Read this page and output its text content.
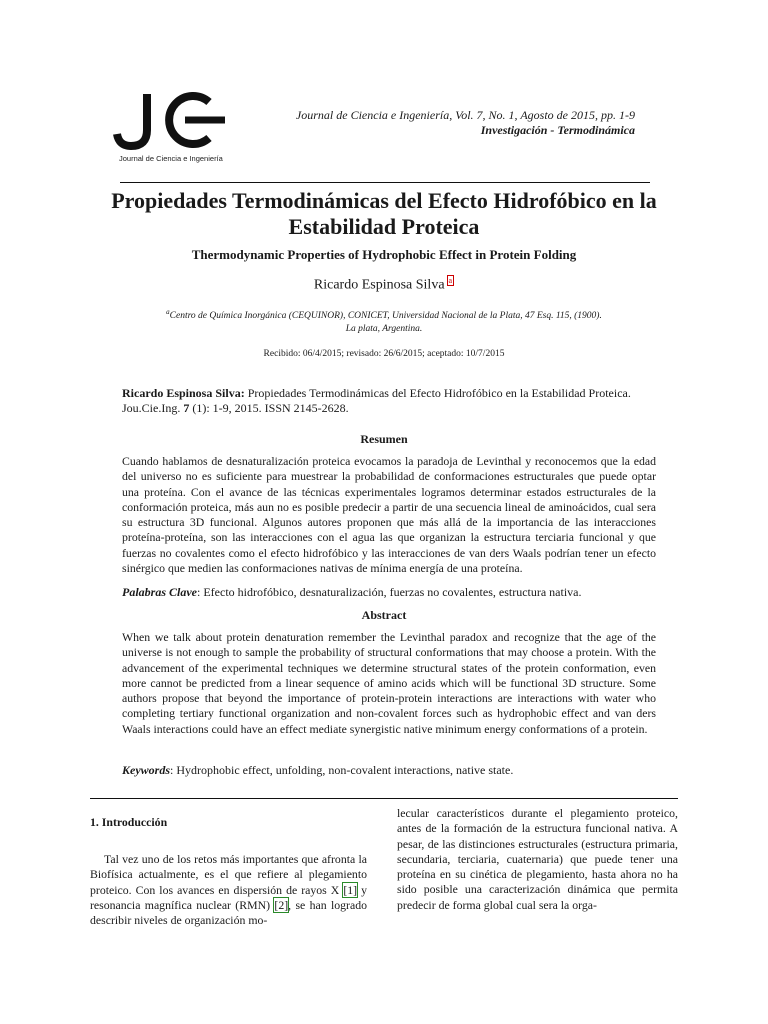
Journal de Ciencia e Ingeniería
Journal de Ciencia e Ingeniería, Vol. 7, No. 1, Agosto de 2015, pp. 1-9
Investigación - Termodinámica
Propiedades Termodinámicas del Efecto Hidrofóbico en la Estabilidad Proteica
Thermodynamic Properties of Hydrophobic Effect in Protein Folding
Ricardo Espinosa Silva $^a$
$^a$Centro de Química Inorgánica (CEQUINOR), CONICET, Universidad Nacional de la Plata, 47 Esq. 115, (1900).
La plata, Argentina.
Recibido: 06/4/2015; revisado: 26/6/2015; aceptado: 10/7/2015
Ricardo Espinosa Silva: Propiedades Termodinámicas del Efecto Hidrofóbico en la Estabilidad Proteica. Jou.Cie.Ing. 7 (1): 1-9, 2015. ISSN 2145-2628.
Resumen
Cuando hablamos de desnaturalización proteica evocamos la paradoja de Levinthal y reconocemos que la edad del universo no es suficiente para muestrear la probabilidad de conformaciones estructurales que puede optar una proteína. Con el avance de las técnicas experimentales logramos determinar estados estructurales de la conformación proteica, más aun no es posible predecir a partir de una secuencia lineal de aminoácidos, cual sera su estructura 3D funcional. Algunos autores proponen que más allá de la importancia de las interacciones proteína-proteína, son las interacciones con el agua las que organizan la estructura terciaria funcional y que fuerzas no covalentes como el efecto hidrofóbico y las interacciones de van ders Waals podrían tener un efecto sinérgico que medien las conformaciones nativas de mínima energía de una proteína.
Palabras Clave: Efecto hidrofóbico, desnaturalización, fuerzas no covalentes, estructura nativa.
Abstract
When we talk about protein denaturation remember the Levinthal paradox and recognize that the age of the universe is not enough to sample the probability of structural conformations that may choose a protein. With the advancement of the experimental techniques we determine structural states of the protein conformation, even more cannot be predicted from a linear sequence of amino acids which will be functional 3D structure. Some authors propose that beyond the importance of protein-protein interactions are interactions with water who completing tertiary functional organization and non-covalent forces such as hydrophobic effect and van ders Waals interactions could have an effect mediate synergistic native minimum energy conformations of a protein.
Keywords: Hydrophobic effect, unfolding, non-covalent interactions, native state.
1. Introducción
Tal vez uno de los retos más importantes que afronta la Biofísica actualmente, es el que refiere al plegamiento proteico. Con los avances en dispersión de rayos X [1] y resonancia magnífica nuclear (RMN) [2], se han logrado describir niveles de organización mo-
lecular característicos durante el plegamiento proteico, antes de la formación de la estructura funcional nativa. A pesar, de las distinciones estructurales (estructura primaria, secundaria, terciaria, cuaternaria) que puede tener una proteína en su cinética de plegamiento, hasta ahora no ha sido posible una caracterización dinámica que permita predecir de forma global cual sera la orga-
